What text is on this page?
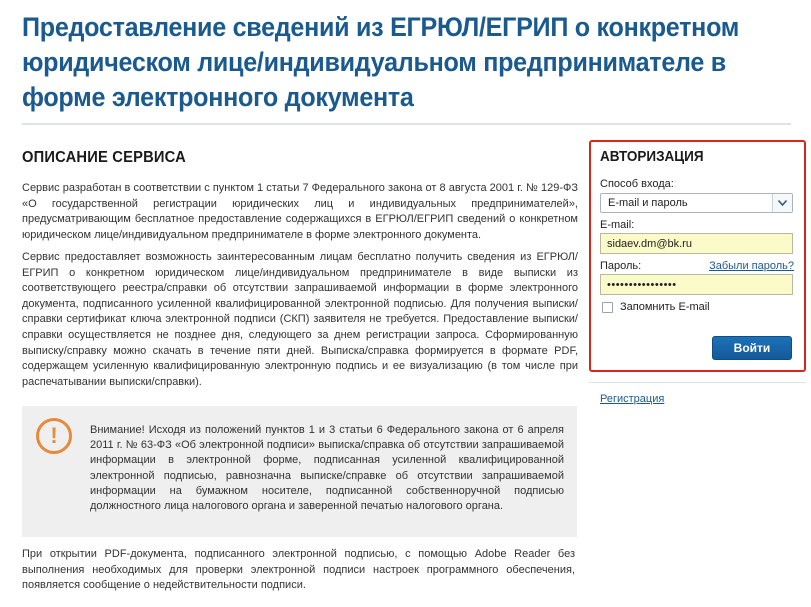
Предоставление сведений из ЕГРЮЛ/ЕГРИП о конкретном юридическом лице/индивидуальном предпринимателе в форме электронного документа
ОПИСАНИЕ СЕРВИСА

Сервис разработан в соответствии с пунктом 1 статьи 7 Федерального закона от 8 августа 2001 г. № 129-ФЗ «О государственной регистрации юридических лиц и индивидуальных предпринимателей», предусматривающим бесплатное предоставление содержащихся в ЕГРЮЛ/ЕГРИП сведений о конкретном юридическом лице/индивидуальном предпринимателе в форме электронного документа.

Сервис предоставляет возможность заинтересованным лицам бесплатно получить сведения из ЕГРЮЛ/ЕГРИП о конкретном юридическом лице/индивидуальном предпринимателе в виде выписки из соответствующего реестра/справки об отсутствии запрашиваемой информации в форме электронного документа, подписанного усиленной квалифицированной электронной подписью. Для получения выписки/справки сертификат ключа электронной подписи (СКП) заявителя не требуется. Предоставление выписки/справки осуществляется не позднее дня, следующего за днем регистрации запроса. Сформированную выписку/справку можно скачать в течение пяти дней. Выписка/справка формируется в формате PDF, содержащем усиленную квалифицированную электронную подпись и ее визуализацию (в том числе при распечатывании выписки/справки).

!	Внимание! Исходя из положений пунктов 1 и 3 статьи 6 Федерального закона от 6 апреля 2011 г. № 63-ФЗ «Об электронной подписи» выписка/справка об отсутствии запрашиваемой информации в электронной форме, подписанная усиленной квалифицированной электронной подписью, равнозначна выписке/справке об отсутствии запрашиваемой информации на бумажном носителе, подписанной собственноручной подписью должностного лица налогового органа и заверенной печатью налогового органа.

При открытии PDF-документа, подписанного электронной подписью, с помощью Adobe Reader без выполнения необходимых для проверки электронной подписи настроек программного обеспечения, появляется сообщение о недействительности подписи.

АВТОРИЗАЦИЯ
Способ входа:
E-mail и пароль
E-mail:
sidaev.dm@bk.ru
Пароль:	Забыли пароль?
••••••••••••••••
Запомнить E-mail
Войти
Регистрация
